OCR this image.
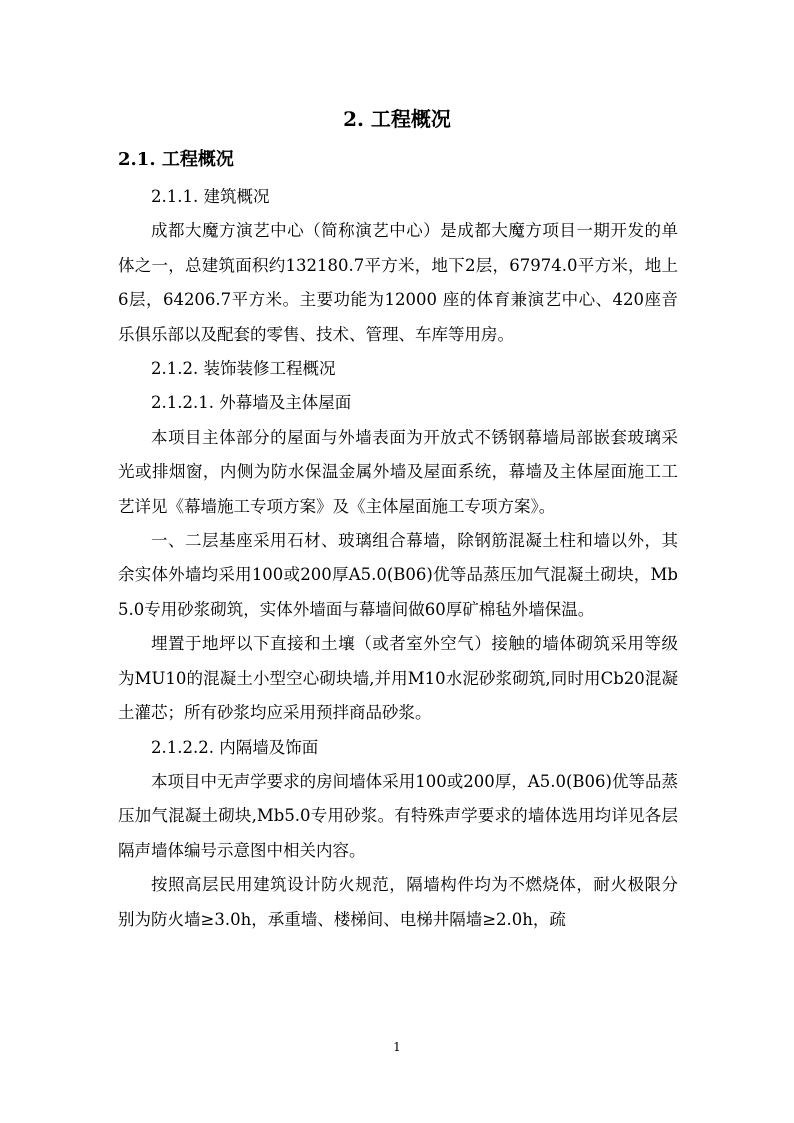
2. 工程概况
2.1. 工程概况
2.1.1. 建筑概况

成都大魔方演艺中心（简称演艺中心）是成都大魔方项目一期开发的单体之一，总建筑面积约132180.7平方米，地下2层，67974.0平方米，地上6层，64206.7平方米。主要功能为12000 座的体育兼演艺中心、420座音乐俱乐部以及配套的零售、技术、管理、车库等用房。

2.1.2. 装饰装修工程概况
2.1.2.1. 外幕墙及主体屋面

本项目主体部分的屋面与外墙表面为开放式不锈钢幕墙局部嵌套玻璃采光或排烟窗，内侧为防水保温金属外墙及屋面系统，幕墙及主体屋面施工工艺详见《幕墙施工专项方案》及《主体屋面施工专项方案》。

一、二层基座采用石材、玻璃组合幕墙，除钢筋混凝土柱和墙以外，其余实体外墙均采用100或200厚A5.0(B06)优等品蒸压加气混凝土砌块，Mb5.0专用砂浆砌筑，实体外墙面与幕墙间做60厚矿棉毡外墙保温。

埋置于地坪以下直接和土壤（或者室外空气）接触的墙体砌筑采用等级为MU10的混凝土小型空心砌块墙,并用M10水泥砂浆砌筑,同时用Cb20混凝土灌芯；所有砂浆均应采用预拌商品砂浆。

2.1.2.2. 内隔墙及饰面

本项目中无声学要求的房间墙体采用100或200厚，A5.0(B06)优等品蒸压加气混凝土砌块,Mb5.0专用砂浆。有特殊声学要求的墙体选用均详见各层隔声墙体编号示意图中相关内容。

按照高层民用建筑设计防火规范，隔墙构件均为不燃烧体，耐火极限分别为防火墙≥3.0h，承重墙、楼梯间、电梯井隔墙≥2.0h，疏

1
